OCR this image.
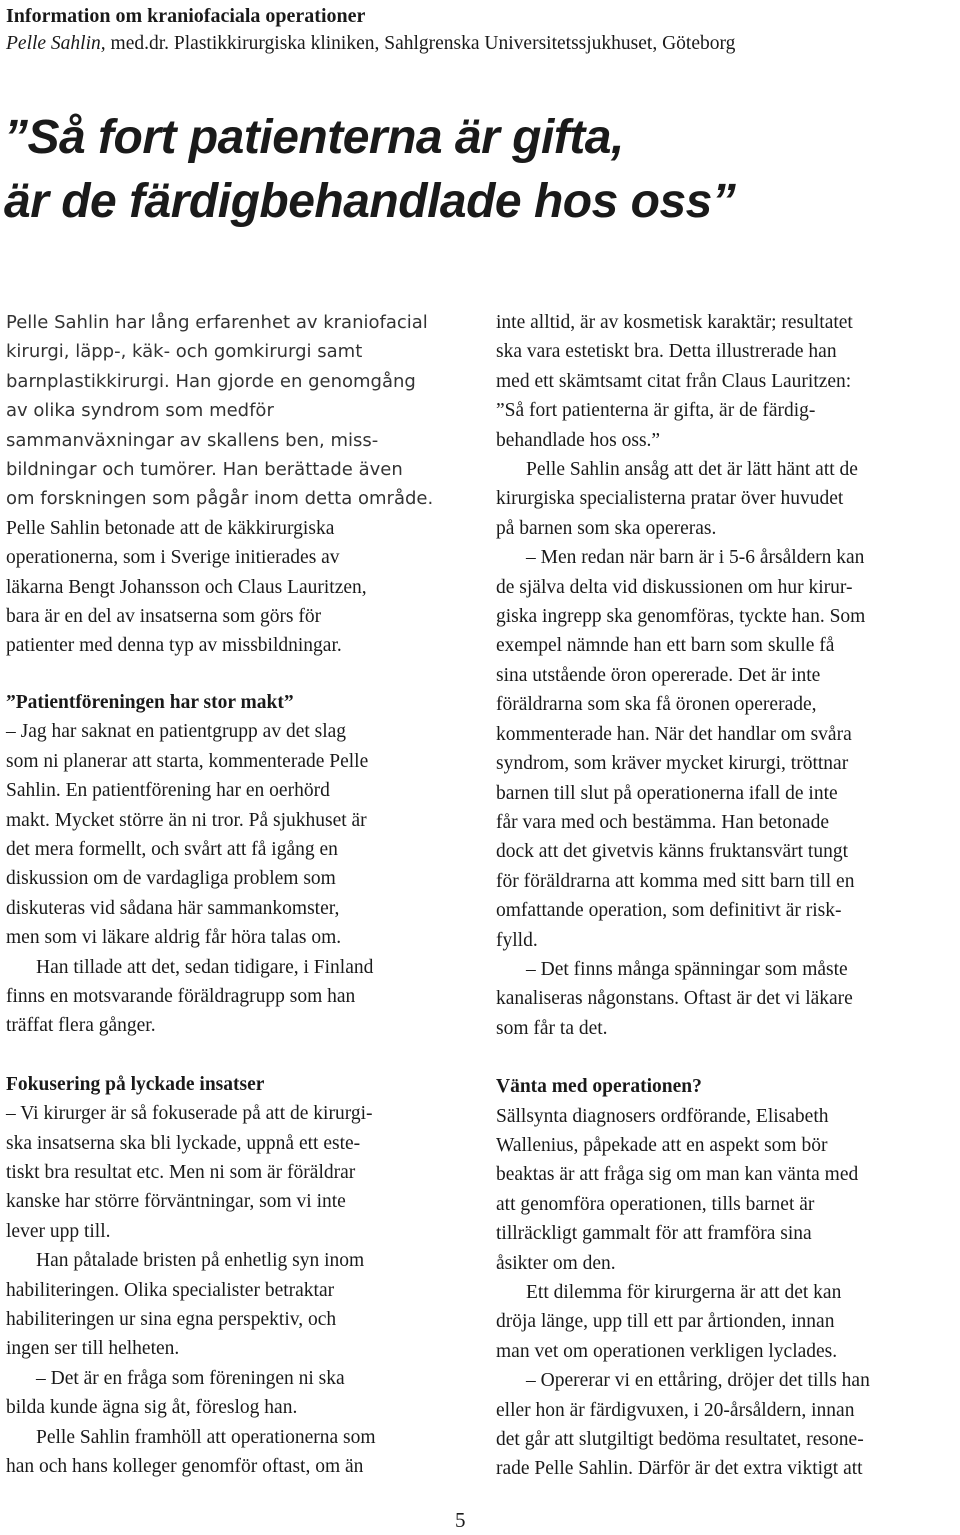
Information om kraniofaciala operationer
Pelle Sahlin, med.dr. Plastikkirurgiska kliniken, Sahlgrenska Universitetssjukhuset, Göteborg
”Så fort patienterna är gifta,
är de färdigbehandlade hos oss”

Pelle Sahlin har lång erfarenhet av kraniofacial

kirurgi, läpp-, käk- och gomkirurgi samt

barnplastikkirurgi. Han gjorde en genomgång

av olika syndrom som medför

sammanväxningar av skallens ben, miss-

bildningar och tumörer. Han berättade även

om forskningen som pågår inom detta område.

Pelle Sahlin betonade att de käkkirurgiska

operationerna, som i Sverige initierades av

läkarna Bengt Johansson och Claus Lauritzen,

bara är en del av insatserna som görs för

patienter med denna typ av missbildningar.

”Patientföreningen har stor makt”

– Jag har saknat en patientgrupp av det slag

som ni planerar att starta, kommenterade Pelle

Sahlin. En patientförening har en oerhörd

makt. Mycket större än ni tror. På sjukhuset är

det mera formellt, och svårt att få igång en

diskussion om de vardagliga problem som

diskuteras vid sådana här sammankomster,

men som vi läkare aldrig får höra talas om.

Han tillade att det, sedan tidigare, i Finland

finns en motsvarande föräldragrupp som han

träffat flera gånger.

Fokusering på lyckade insatser

– Vi kirurger är så fokuserade på att de kirurgi-

ska insatserna ska bli lyckade, uppnå ett este-

tiskt bra resultat etc. Men ni som är föräldrar

kanske har större förväntningar, som vi inte

lever upp till.

Han påtalade bristen på enhetlig syn inom

habiliteringen. Olika specialister betraktar

habiliteringen ur sina egna perspektiv, och

ingen ser till helheten.

– Det är en fråga som föreningen ni ska

bilda kunde ägna sig åt, föreslog han.

Pelle Sahlin framhöll att operationerna som

han och hans kolleger genomför oftast, om än

inte alltid, är av kosmetisk karaktär; resultatet

ska vara estetiskt bra. Detta illustrerade han

med ett skämtsamt citat från Claus Lauritzen:

”Så fort patienterna är gifta, är de färdig-

behandlade hos oss.”

Pelle Sahlin ansåg att det är lätt hänt att de

kirurgiska specialisterna pratar över huvudet

på barnen som ska opereras.

– Men redan när barn är i 5-6 årsåldern kan

de själva delta vid diskussionen om hur kirur-

giska ingrepp ska genomföras, tyckte han. Som

exempel nämnde han ett barn som skulle få

sina utstående öron opererade. Det är inte

föräldrarna som ska få öronen opererade,

kommenterade han. När det handlar om svåra

syndrom, som kräver mycket kirurgi, tröttnar

barnen till slut på operationerna ifall de inte

får vara med och bestämma. Han betonade

dock att det givetvis känns fruktansvärt tungt

för föräldrarna att komma med sitt barn till en

omfattande operation, som definitivt är risk-

fylld.

– Det finns många spänningar som måste

kanaliseras någonstans. Oftast är det vi läkare

som får ta det.

Vänta med operationen?

Sällsynta diagnosers ordförande, Elisabeth

Wallenius, påpekade att en aspekt som bör

beaktas är att fråga sig om man kan vänta med

att genomföra operationen, tills barnet är

tillräckligt gammalt för att framföra sina

åsikter om den.

Ett dilemma för kirurgerna är att det kan

dröja länge, upp till ett par årtionden, innan

man vet om operationen verkligen lyclades.

– Opererar vi en ettåring, dröjer det tills han

eller hon är färdigvuxen, i 20-årsåldern, innan

det går att slutgiltigt bedöma resultatet, resone-

rade Pelle Sahlin. Därför är det extra viktigt att

5
